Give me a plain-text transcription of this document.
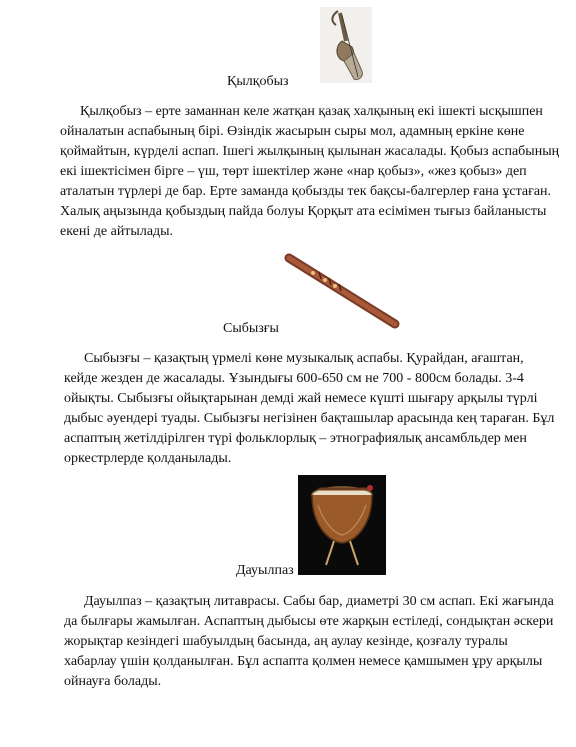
Қылқобыз
Қылқобыз – ерте заманнан келе жатқан қазақ халқының екі ішекті ысқышпен ойналатын аспабының бірі. Өзіндік жасырын сыры мол, адамның еркіне көне қоймайтын, күрделі аспап. Ішегі жылқының қылынан жасалады. Қобыз аспабының екі ішектісімен бірге – үш, төрт ішектілер және «нар қобыз», «жез қобыз» деп аталатын түрлері де бар. Ерте заманда қобызды тек бақсы-балгерлер ғана ұстаған. Халық аңызында қобыздың пайда болуы Қорқыт ата есімімен тығыз байланысты екені де айтылады.
Сыбызғы
Сыбызғы – қазақтың үрмелі көне музыкалық аспабы. Қурайдан, ағаштан, кейде жезден де жасалады. Ұзындығы 600-650 см не 700 - 800см болады. 3-4 ойықты. Сыбызғы ойықтарынан демді жай немесе күшті шығару арқылы түрлі дыбыс әуендері туады. Сыбызғы негізінен бақташылар арасында кең тараған. Бұл аспаптың жетілдірілген түрі фольклорлық – этнографиялық ансамбльдер мен оркестрлерде қолданылады.
Дауылпаз
Дауылпаз – қазақтың литаврасы. Сабы бар, диаметрі 30 см аспап. Екі жағында да былғары жамылған. Аспаптың дыбысы өте жарқын естіледі, сондықтан әскери жорықтар кезіндегі шабуылдың басында, аң аулау кезінде, қозғалу туралы хабарлау үшін қолданылған. Бұл аспапта қолмен немесе қамшымен ұру арқылы ойнауға болады.
